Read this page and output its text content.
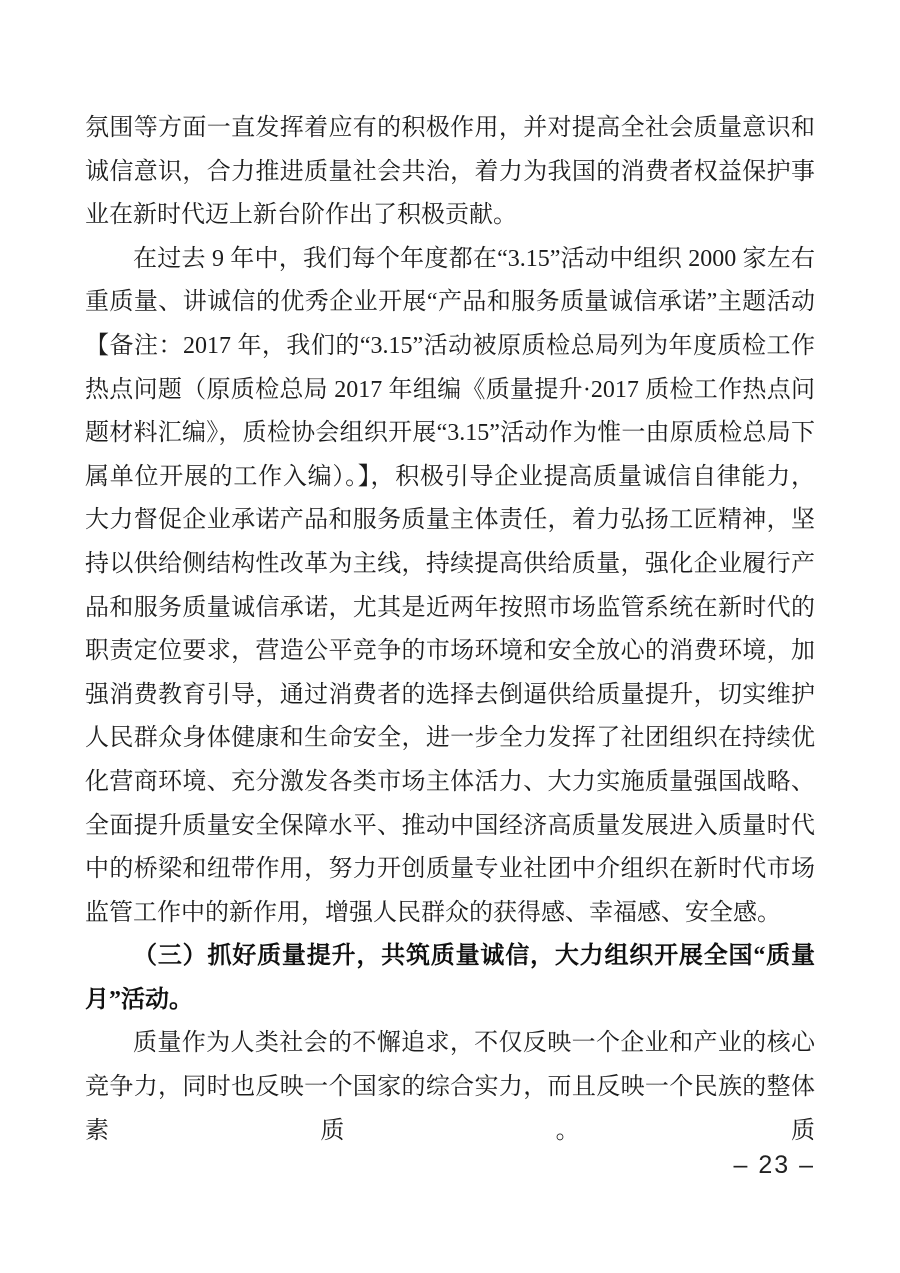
氛围等方面一直发挥着应有的积极作用，并对提高全社会质量意识和诚信意识，合力推进质量社会共治，着力为我国的消费者权益保护事业在新时代迈上新台阶作出了积极贡献。

在过去 9 年中，我们每个年度都在“3.15”活动中组织 2000 家左右重质量、讲诚信的优秀企业开展“产品和服务质量诚信承诺”主题活动【备注：2017 年，我们的“3.15”活动被原质检总局列为年度质检工作热点问题（原质检总局 2017 年组编《质量提升·2017 质检工作热点问题材料汇编》，质检协会组织开展“3.15”活动作为惟一由原质检总局下属单位开展的工作入编）。】，积极引导企业提高质量诚信自律能力，大力督促企业承诺产品和服务质量主体责任，着力弘扬工匠精神，坚持以供给侧结构性改革为主线，持续提高供给质量，强化企业履行产品和服务质量诚信承诺，尤其是近两年按照市场监管系统在新时代的职责定位要求，营造公平竞争的市场环境和安全放心的消费环境，加强消费教育引导，通过消费者的选择去倒逼供给质量提升，切实维护人民群众身体健康和生命安全，进一步全力发挥了社团组织在持续优化营商环境、充分激发各类市场主体活力、大力实施质量强国战略、全面提升质量安全保障水平、推动中国经济高质量发展进入质量时代中的桥梁和纽带作用，努力开创质量专业社团中介组织在新时代市场监管工作中的新作用，增强人民群众的获得感、幸福感、安全感。

（三）抓好质量提升，共筑质量诚信，大力组织开展全国“质量月”活动。

质量作为人类社会的不懈追求，不仅反映一个企业和产业的核心竞争力，同时也反映一个国家的综合实力，而且反映一个民族的整体素质。质

– 23 –
